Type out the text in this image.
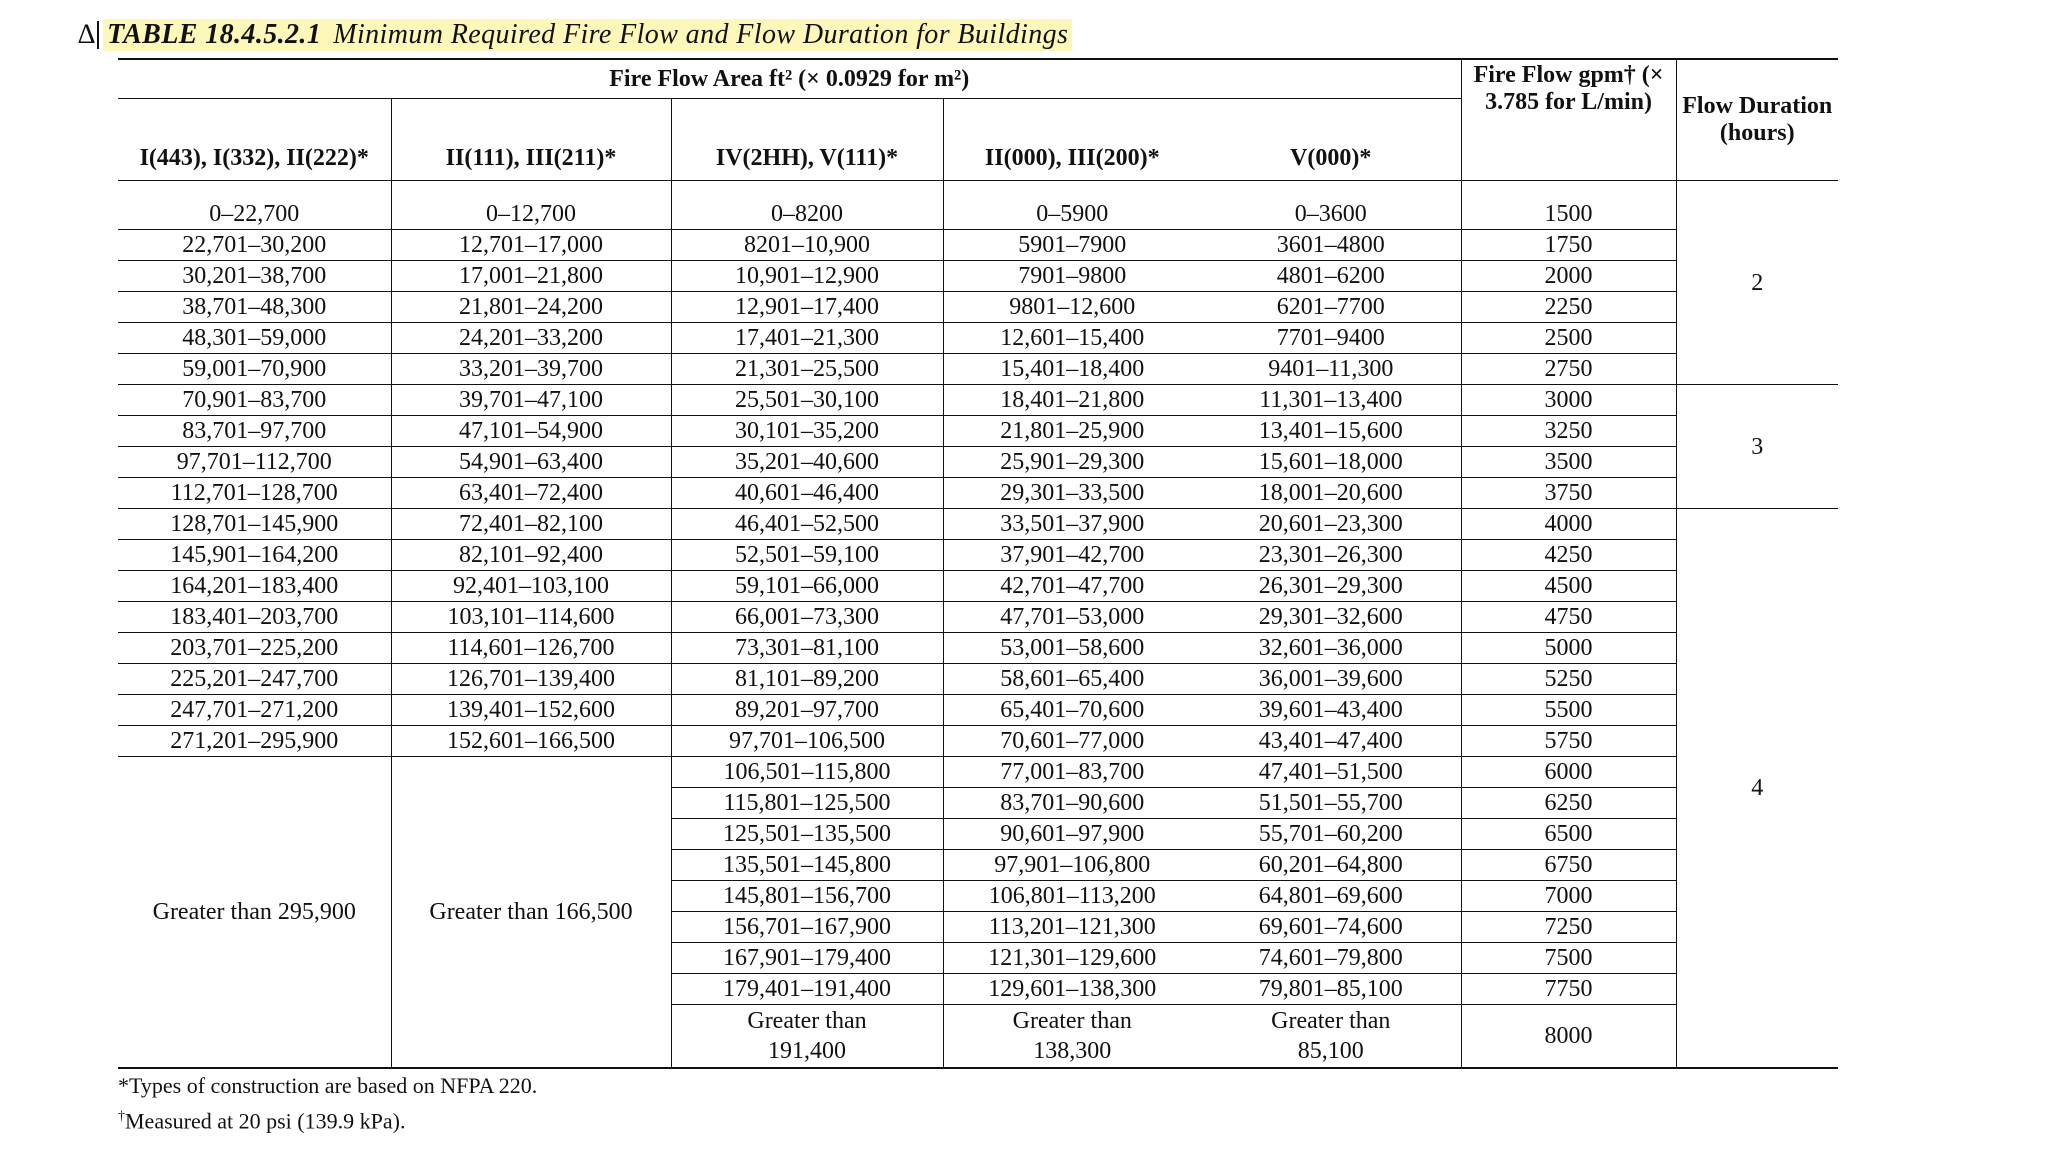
∆ TABLE 18.4.5.2.1 Minimum Required Fire Flow and Flow Duration for Buildings
Fire Flow Area ft² (× 0.0929 for m²)					Fire Flow gpm† (× 3.785 for L/min)	Flow Duration (hours)
I(443), I(332), II(222)*	II(111), III(211)*	IV(2HH), V(111)*	II(000), III(200)*	V(000)*		
0–22,700	0–12,700	0–8200	0–5900	0–3600	1500	2
22,701–30,200	12,701–17,000	8201–10,900	5901–7900	3601–4800	1750	
30,201–38,700	17,001–21,800	10,901–12,900	7901–9800	4801–6200	2000	
38,701–48,300	21,801–24,200	12,901–17,400	9801–12,600	6201–7700	2250	
48,301–59,000	24,201–33,200	17,401–21,300	12,601–15,400	7701–9400	2500	
59,001–70,900	33,201–39,700	21,301–25,500	15,401–18,400	9401–11,300	2750	
70,901–83,700	39,701–47,100	25,501–30,100	18,401–21,800	11,301–13,400	3000	3
83,701–97,700	47,101–54,900	30,101–35,200	21,801–25,900	13,401–15,600	3250	
97,701–112,700	54,901–63,400	35,201–40,600	25,901–29,300	15,601–18,000	3500	
112,701–128,700	63,401–72,400	40,601–46,400	29,301–33,500	18,001–20,600	3750	
128,701–145,900	72,401–82,100	46,401–52,500	33,501–37,900	20,601–23,300	4000	4
145,901–164,200	82,101–92,400	52,501–59,100	37,901–42,700	23,301–26,300	4250	
164,201–183,400	92,401–103,100	59,101–66,000	42,701–47,700	26,301–29,300	4500	
183,401–203,700	103,101–114,600	66,001–73,300	47,701–53,000	29,301–32,600	4750	
203,701–225,200	114,601–126,700	73,301–81,100	53,001–58,600	32,601–36,000	5000	
225,201–247,700	126,701–139,400	81,101–89,200	58,601–65,400	36,001–39,600	5250	
247,701–271,200	139,401–152,600	89,201–97,700	65,401–70,600	39,601–43,400	5500	
271,201–295,900	152,601–166,500	97,701–106,500	70,601–77,000	43,401–47,400	5750	
Greater than 295,900	Greater than 166,500	106,501–115,800	77,001–83,700	47,401–51,500	6000	
		115,801–125,500	83,701–90,600	51,501–55,700	6250	
		125,501–135,500	90,601–97,900	55,701–60,200	6500	
		135,501–145,800	97,901–106,800	60,201–64,800	6750	
		145,801–156,700	106,801–113,200	64,801–69,600	7000	
		156,701–167,900	113,201–121,300	69,601–74,600	7250	
		167,901–179,400	121,301–129,600	74,601–79,800	7500	
		179,401–191,400	129,601–138,300	79,801–85,100	7750	
		Greater than 191,400	Greater than 138,300	Greater than 85,100	8000	
*Types of construction are based on NFPA 220.
†Measured at 20 psi (139.9 kPa).
